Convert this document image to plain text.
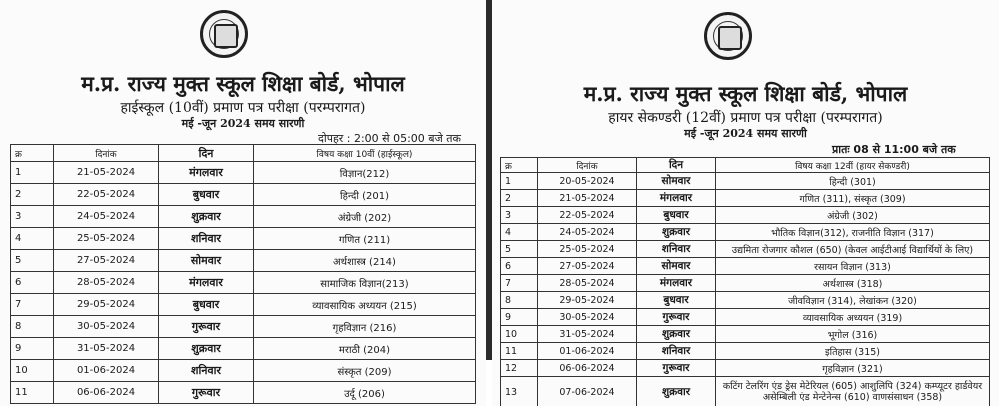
म.प्र. राज्य मुक्त स्कूल शिक्षा बोर्ड, भोपाल
हाईस्कूल (10वीं) प्रमाण पत्र परीक्षा (परम्परागत)
मई -जून 2024 समय सारणी
दोपहर : 2:00 से 05:00 बजे तक
क्र	दिनांक	दिन	विषय कक्षा 10वीं (हाईस्कूल)
1	21-05-2024	मंगलवार	विज्ञान(212)
2	22-05-2024	बुधवार	हिन्दी (201)
3	24-05-2024	शुक्रवार	अंग्रेजी (202)
4	25-05-2024	शनिवार	गणित (211)
5	27-05-2024	सोमवार	अर्थशास्त्र (214)
6	28-05-2024	मंगलवार	सामाजिक विज्ञान(213)
7	29-05-2024	बुधवार	व्यावसायिक अध्ययन (215)
8	30-05-2024	गुरूवार	गृहविज्ञान (216)
9	31-05-2024	शुक्रवार	मराठी (204)
10	01-06-2024	शनिवार	संस्कृत (209)
11	06-06-2024	गुरूवार	उर्दू (206)
म.प्र. राज्य मुक्त स्कूल शिक्षा बोर्ड, भोपाल
हायर सेकण्डरी (12वीं) प्रमाण पत्र परीक्षा (परम्परागत)
मई -जून 2024 समय सारणी
प्रातः 08 से 11:00 बजे तक
क्र	दिनांक	दिन	विषय कक्षा 12वीं (हायर सेकण्डरी)
1	20-05-2024	सोमवार	हिन्दी (301)
2	21-05-2024	मंगलवार	गणित (311), संस्कृत (309)
3	22-05-2024	बुधवार	अंग्रेजी (302)
4	24-05-2024	शुक्रवार	भौतिक विज्ञान(312), राजनीति विज्ञान (317)
5	25-05-2024	शनिवार	उद्यमिता रोजगार कौशल (650) (केवल आईटीआई विद्यार्थियों के लिए)
6	27-05-2024	सोमवार	रसायन विज्ञान (313)
7	28-05-2024	मंगलवार	अर्थशास्त्र (318)
8	29-05-2024	बुधवार	जीवविज्ञान (314), लेखांकन (320)
9	30-05-2024	गुरूवार	व्यावसायिक अध्ययन (319)
10	31-05-2024	शुक्रवार	भूगोल (316)
11	01-06-2024	शनिवार	इतिहास (315)
12	06-06-2024	गुरूवार	गृहविज्ञान (321)
13	07-06-2024	शुक्रवार	कटिंग टेलरिंग एंड ड्रेस मेटेरियल (605) आशुलिपि (324) कम्प्यूटर हार्डवेयर असेम्बिली एंड मेन्टेनेन्स (610) वाणसंसाधन (358)
